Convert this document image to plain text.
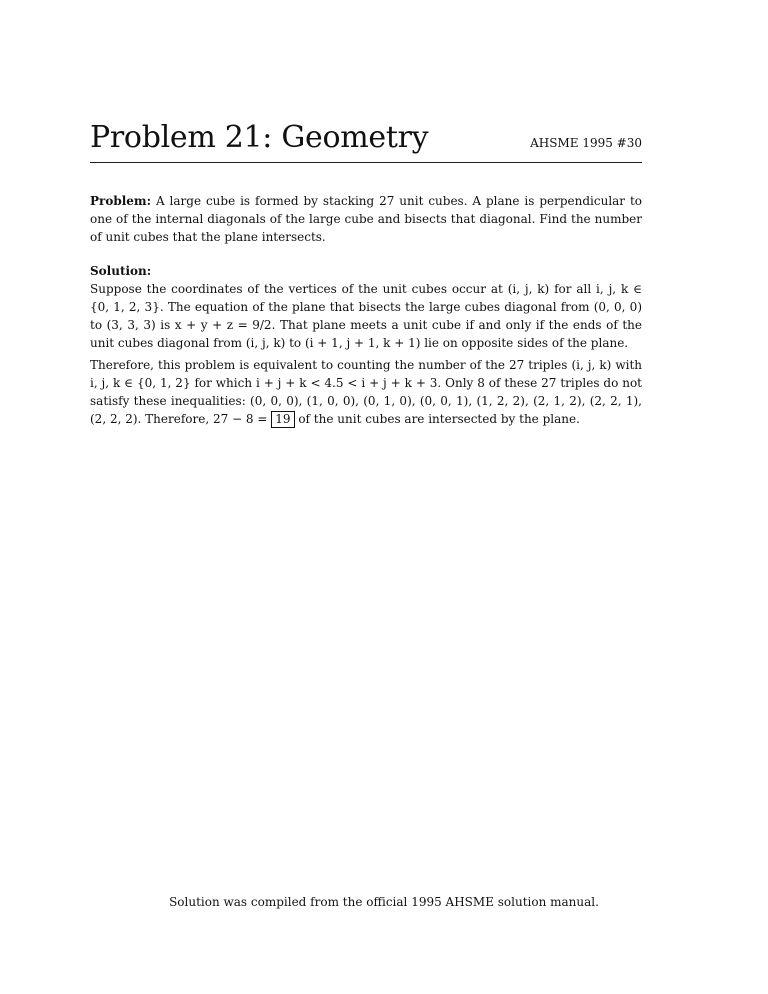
Problem 21: Geometry	AHSME 1995 #30

Problem: A large cube is formed by stacking 27 unit cubes. A plane is perpendicular to one of the internal diagonals of the large cube and bisects that diagonal. Find the number of unit cubes that the plane intersects.

Solution:

Suppose the coordinates of the vertices of the unit cubes occur at (i, j, k) for all i, j, k ∈ {0, 1, 2, 3}. The equation of the plane that bisects the large cubes diagonal from (0, 0, 0) to (3, 3, 3) is x + y + z = 9/2. That plane meets a unit cube if and only if the ends of the unit cubes diagonal from (i, j, k) to (i + 1, j + 1, k + 1) lie on opposite sides of the plane.

Therefore, this problem is equivalent to counting the number of the 27 triples (i, j, k) with i, j, k ∈ {0, 1, 2} for which i + j + k < 4.5 < i + j + k + 3. Only 8 of these 27 triples do not satisfy these inequalities: (0, 0, 0), (1, 0, 0), (0, 1, 0), (0, 0, 1), (1, 2, 2), (2, 1, 2), (2, 2, 1), (2, 2, 2). Therefore, 27 − 8 = 19 of the unit cubes are intersected by the plane.

Solution was compiled from the official 1995 AHSME solution manual.
